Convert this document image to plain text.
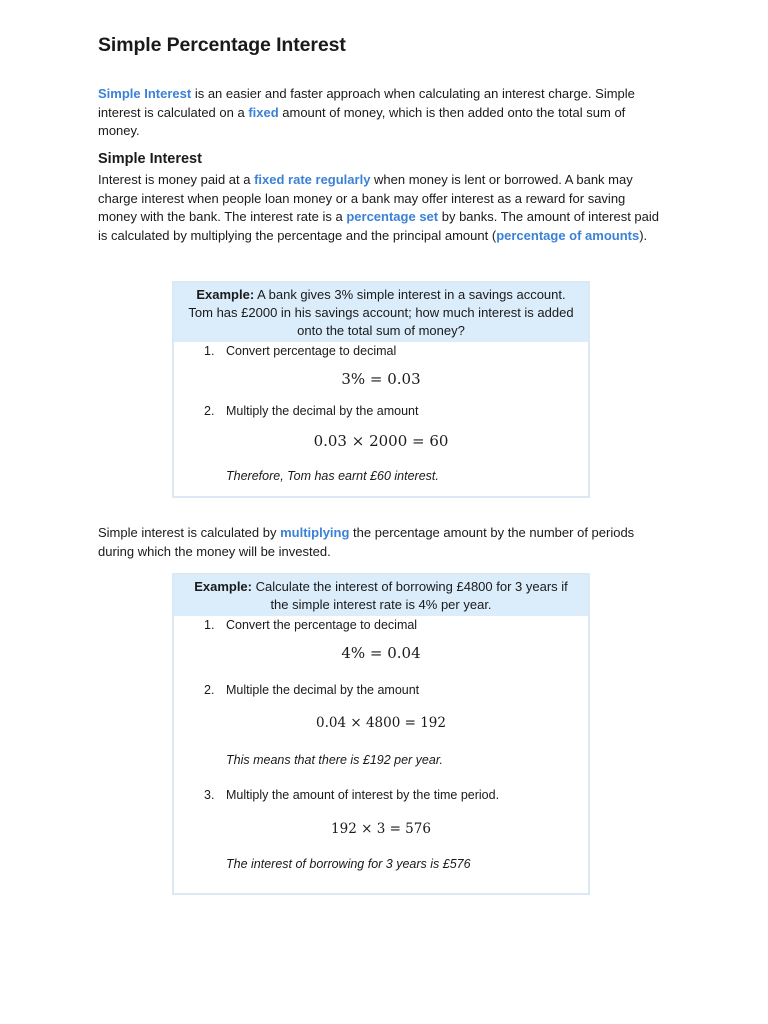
Simple Percentage Interest

Simple Interest is an easier and faster approach when calculating an interest charge. Simple interest is calculated on a fixed amount of money, which is then added onto the total sum of money.

Simple Interest

Interest is money paid at a fixed rate regularly when money is lent or borrowed. A bank may charge interest when people loan money or a bank may offer interest as a reward for saving money with the bank. The interest rate is a percentage set by banks. The amount of interest paid is calculated by multiplying the percentage and the principal amount (percentage of amounts).

Simple interest is calculated by multiplying the percentage amount by the number of periods during which the money will be invested.

Example: A bank gives 3% simple interest in a savings account. Tom has £2000 in his savings account; how much interest is added onto the total sum of money?
1. Convert percentage to decimal
3% = 0.03
2. Multiply the decimal by the amount
0.03 × 2000 = 60
Therefore, Tom has earnt £60 interest.
Example: Calculate the interest of borrowing £4800 for 3 years if the simple interest rate is 4% per year.
1. Convert the percentage to decimal
4% = 0.04
2. Multiple the decimal by the amount
0.04 × 4800 = 192
This means that there is £192 per year.
3. Multiply the amount of interest by the time period.
192 × 3 = 576
The interest of borrowing for 3 years is £576
